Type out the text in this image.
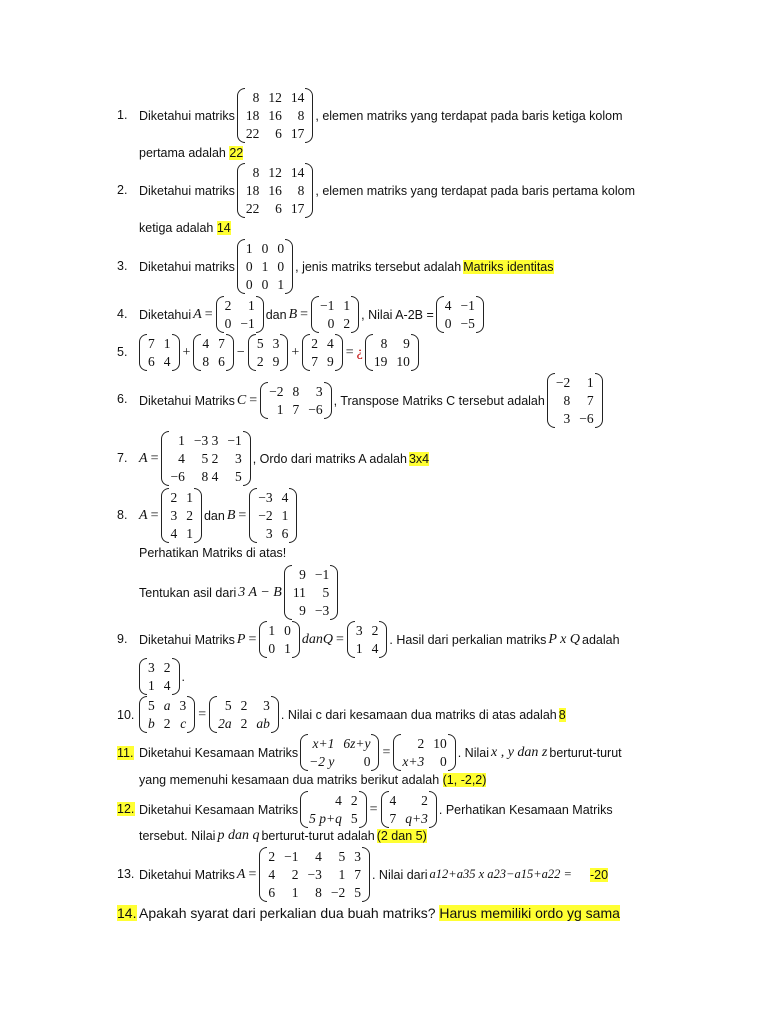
1. Diketahui matriks
8 12 14
18 16	8
22	6 17
, elemen matriks yang terdapat pada baris ketiga kolom
pertama adalah 22
2. Diketahui matriks
8 12 14
18 16	8
22	6 17
, elemen matriks yang terdapat pada baris pertama kolom
ketiga adalah 14
3. Diketahui matriks
1 0 0
0 1 0
0 0 1
, jenis matriks tersebut adalah Matriks identitas
4. Diketahui A =
2	1
0 −1
dan B =
−1 1
0 2
, Nilai A-2B =
4 −1
0 −5
5.
7 1
6 4
+
4 7
8 6
−
5 3
2 9
+
2 4
7 9
= ¿
8	9
19 10
6. Diketahui Matriks C =
−2 8	3
1 7 −6
, Transpose Matriks C tersebut adalah
−2	1
8	7
3 −6
7. A =
1 −3 3 −1
4	5 2	3
−6	8 4	5
, Ordo dari matriks A adalah 3x4
8. A =
2 1
3 2
4 1
dan B =
−3 4
−2 1
3 6
Perhatikan Matriks di atas!
Tentukan asil dari 3 A − B
9 −1
11	5
9 −3
9. Diketahui Matriks P =
1 0
0 1
danQ =
3 2
1 4
. Hasil dari perkalian matriks P x Q adalah
3 2
1 4
.
10.
5 a 3
b 2 c
=
5 2	3
2a 2 ab
. Nilai c dari kesamaan dua matriks di atas adalah 8
11. Diketahui Kesamaan Matriks
x+1 6z+y
−2 y	0
=
2 10
x+3	0
. Nilai x , y dan z berturut-turut
yang memenuhi kesamaan dua matriks berikut adalah (1, -2,2)
12. Diketahui Kesamaan Matriks
4 2
5 p+q 5
=
4	2
7 q+3
. Perhatikan Kesamaan Matriks
tersebut. Nilai p dan q berturut-turut adalah (2 dan 5)
13. Diketahui Matriks A =
2 −1	4	5 3
4	2 −3	1 7
6	1	8 −2 5
. Nilai dari a12+a35 x a23−a15+a22 = -20
14. Apakah syarat dari perkalian dua buah matriks? Harus memiliki ordo yg sama
